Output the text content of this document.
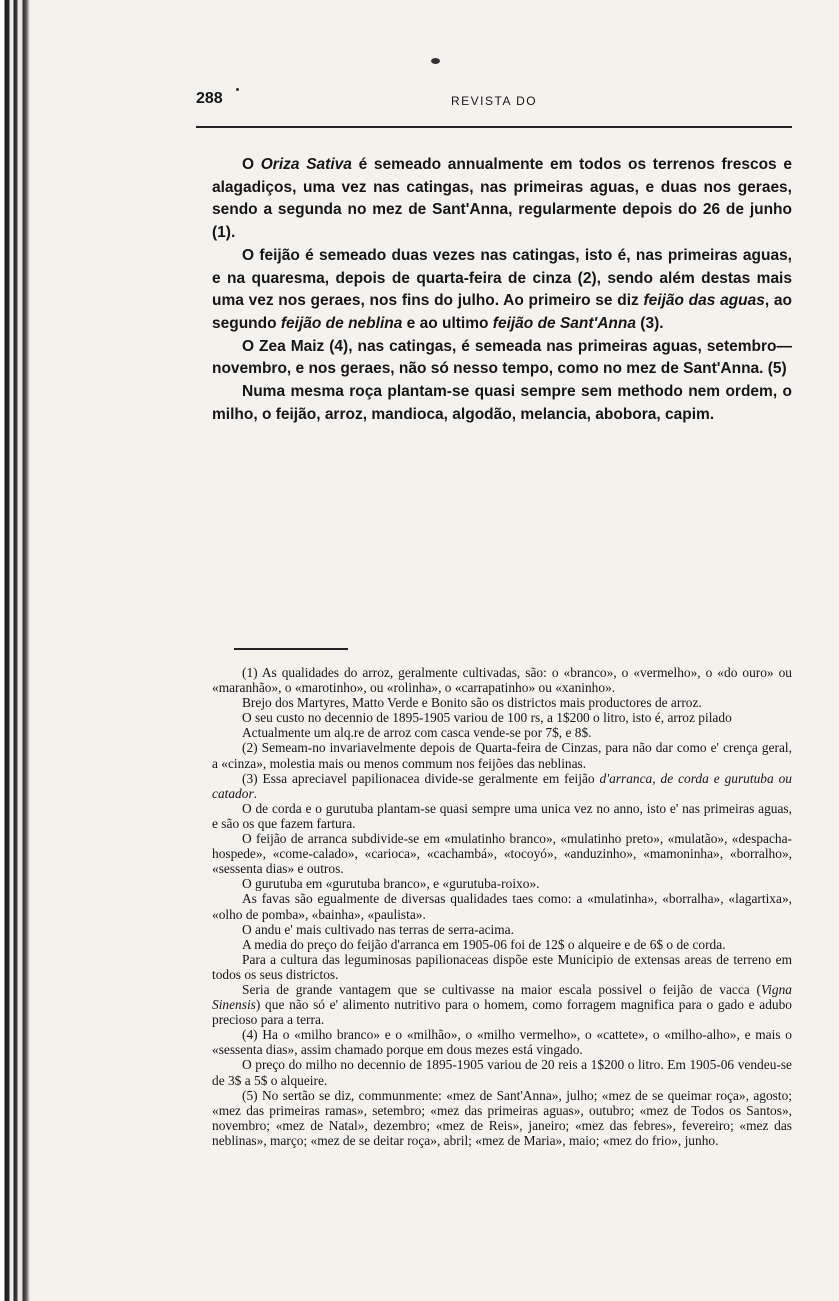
288	REVISTA DO

O Oriza Sativa é semeado annualmente em todos os terrenos frescos e alagadiços, uma vez nas catingas, nas primeiras aguas, e duas nos geraes, sendo a segunda no mez de Sant'Anna, regularmente depois do 26 de junho (1).

O feijão é semeado duas vezes nas catingas, isto é, nas primeiras aguas, e na quaresma, depois de quarta-feira de cinza (2), sendo além destas mais uma vez nos geraes, nos fins do julho. Ao primeiro se diz feijão das aguas, ao segundo feijão de neblina e ao ultimo feijão de Sant'Anna (3).

O Zea Maiz (4), nas catingas, é semeada nas primeiras aguas, setembro—novembro, e nos geraes, não só nesso tempo, como no mez de Sant'Anna. (5)

Numa mesma roça plantam-se quasi sempre sem methodo nem ordem, o milho, o feijão, arroz, mandioca, algodão, melancia, abobora, capim.

(1) As qualidades do arroz, geralmente cultivadas, são: o «branco», o «vermelho», o «do ouro» ou «maranhão», o «marotinho», ou «rolinha», o «carrapatinho» ou «xaninho».

Brejo dos Martyres, Matto Verde e Bonito são os districtos mais productores de arroz.

O seu custo no decennio de 1895-1905 variou de 100 rs, a 1$200 o litro, isto é, arroz pilado

Actualmente um alq.re de arroz com casca vende-se por 7$, e 8$.

(2) Semeam-no invariavelmente depois de Quarta-feira de Cinzas, para não dar como e' crença geral, a «cinza», molestia mais ou menos commum nos feijões das neblinas.

(3) Essa apreciavel papilionacea divide-se geralmente em feijão d'arranca, de corda e gurutuba ou catador.

O de corda e o gurutuba plantam-se quasi sempre uma unica vez no anno, isto e' nas primeiras aguas, e são os que fazem fartura.

O feijão de arranca subdivide-se em «mulatinho branco», «mulatinho preto», «mulatão», «despacha-hospede», «come-calado», «carioca», «cachambá», «tocoyó», «anduzinho», «mamoninha», «borralho», «sessenta dias» e outros.

O gurutuba em «gurutuba branco», e «gurutuba-roixo».

As favas são egualmente de diversas qualidades taes como: a «mulatinha», «borralha», «lagartixa», «olho de pomba», «bainha», «paulista».

O andu e' mais cultivado nas terras de serra-acima.

A media do preço do feijão d'arranca em 1905-06 foi de 12$ o alqueire e de 6$ o de corda.

Para a cultura das leguminosas papilionaceas dispõe este Municipio de extensas areas de terreno em todos os seus districtos.

Seria de grande vantagem que se cultivasse na maior escala possivel o feijão de vacca (Vigna Sinensis) que não só e' alimento nutritivo para o homem, como forragem magnifica para o gado e adubo precioso para a terra.

(4) Ha o «milho branco» e o «milhão», o «milho vermelho», o «cattete», o «milho-alho», e mais o «sessenta dias», assim chamado porque em dous mezes está vingado.

O preço do milho no decennio de 1895-1905 variou de 20 reis a 1$200 o litro. Em 1905-06 vendeu-se de 3$ a 5$ o alqueire.

(5) No sertão se diz, communmente: «mez de Sant'Anna», julho; «mez de se queimar roça», agosto; «mez das primeiras ramas», setembro; «mez das primeiras aguas», outubro; «mez de Todos os Santos», novembro; «mez de Natal», dezembro; «mez de Reis», janeiro; «mez das febres», fevereiro; «mez das neblinas», março; «mez de se deitar roça», abril; «mez de Maria», maio; «mez do frio», junho.
